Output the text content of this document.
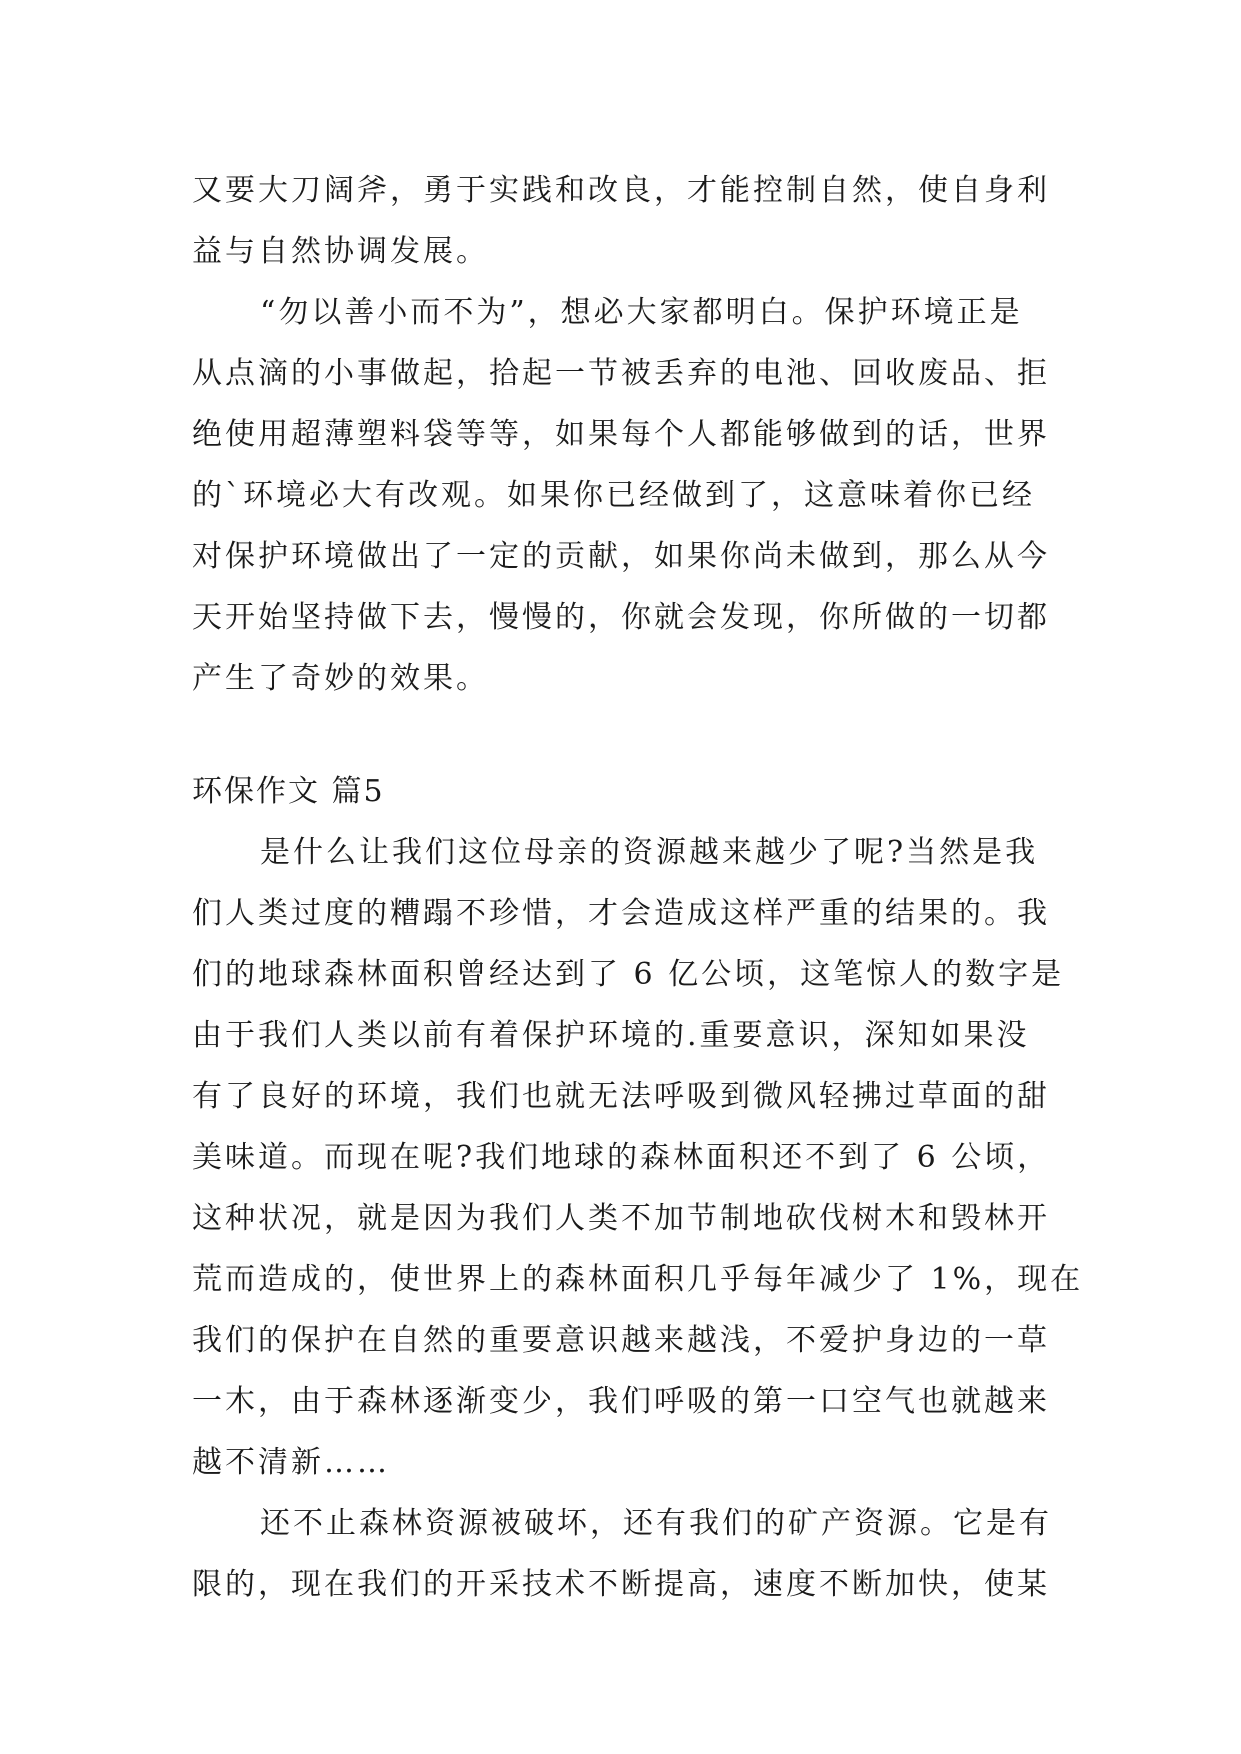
又要大刀阔斧，勇于实践和改良，才能控制自然，使自身利
益与自然协调发展。
“勿以善小而不为”，想必大家都明白。保护环境正是
从点滴的小事做起，拾起一节被丢弃的电池、回收废品、拒
绝使用超薄塑料袋等等，如果每个人都能够做到的话，世界
的`环境必大有改观。如果你已经做到了，这意味着你已经
对保护环境做出了一定的贡献，如果你尚未做到，那么从今
天开始坚持做下去，慢慢的，你就会发现，你所做的一切都
产生了奇妙的效果。
环保作文 篇5
是什么让我们这位母亲的资源越来越少了呢?当然是我
们人类过度的糟蹋不珍惜，才会造成这样严重的结果的。我
们的地球森林面积曾经达到了 6 亿公顷，这笔惊人的数字是
由于我们人类以前有着保护环境的.重要意识，深知如果没
有了良好的环境，我们也就无法呼吸到微风轻拂过草面的甜
美味道。而现在呢?我们地球的森林面积还不到了 6 公顷，
这种状况，就是因为我们人类不加节制地砍伐树木和毁林开
荒而造成的，使世界上的森林面积几乎每年减少了 1%，现在
我们的保护在自然的重要意识越来越浅，不爱护身边的一草
一木，由于森林逐渐变少，我们呼吸的第一口空气也就越来
越不清新……
还不止森林资源被破坏，还有我们的矿产资源。它是有
限的，现在我们的开采技术不断提高，速度不断加快，使某
